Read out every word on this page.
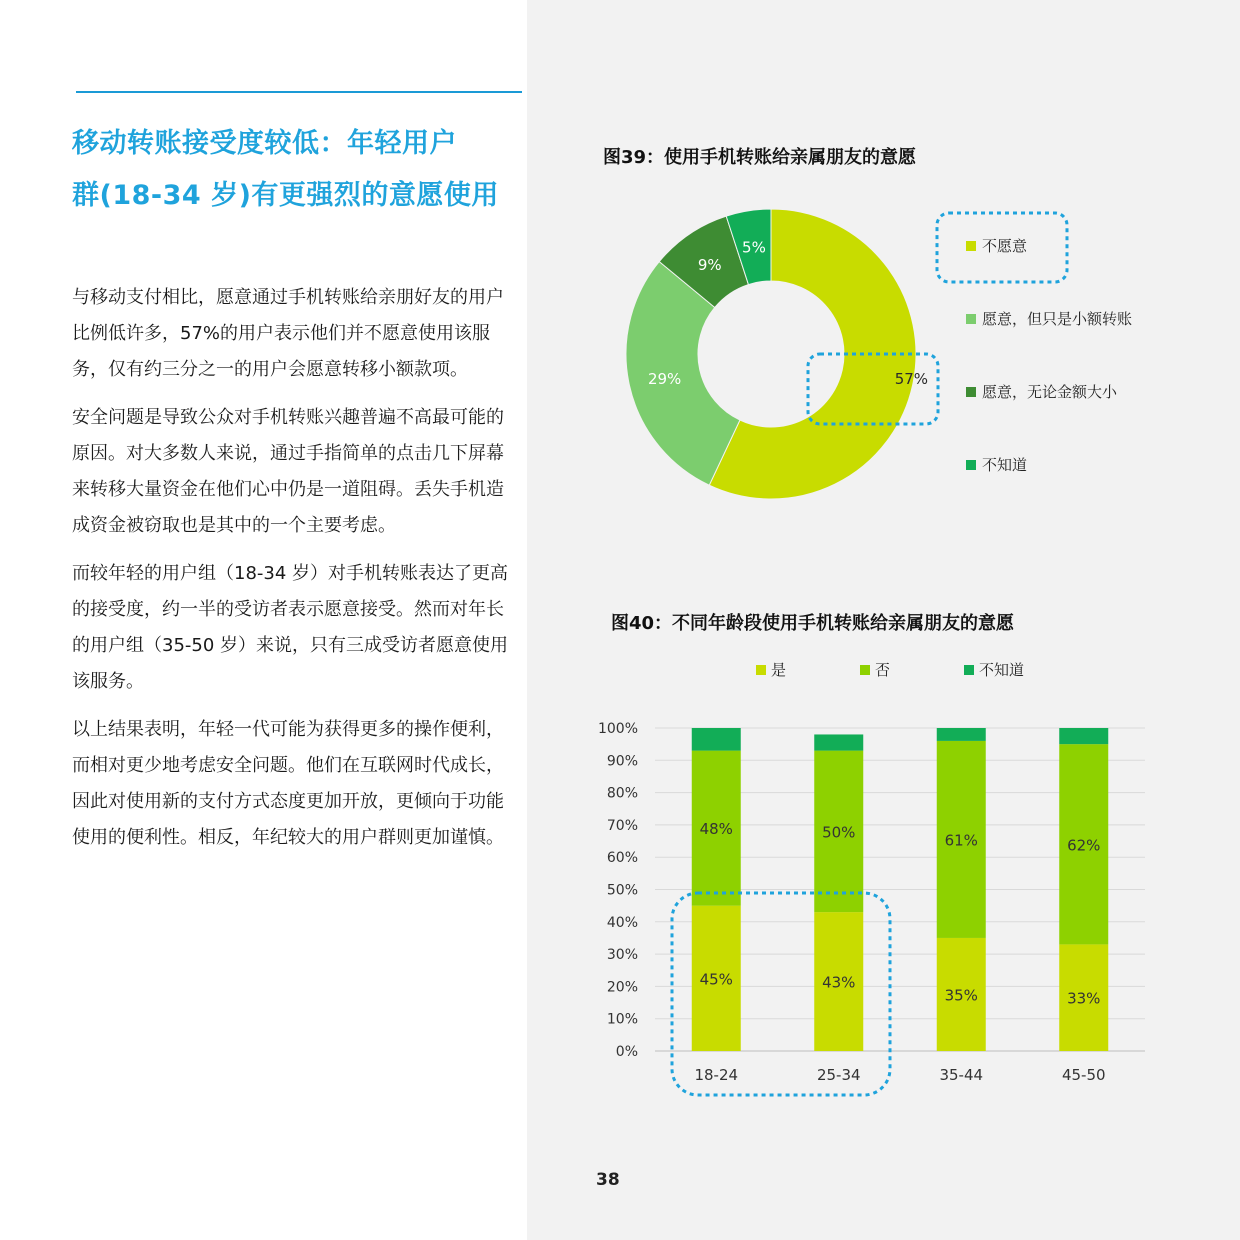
移动转账接受度较低：年轻用户
群(18-34 岁)有更强烈的意愿使用

与移动支付相比，愿意通过手机转账给亲朋好友的用户比例低许多，57%的用户表示他们并不愿意使用该服务，仅有约三分之一的用户会愿意转移小额款项。

安全问题是导致公众对手机转账兴趣普遍不高最可能的原因。对大多数人来说，通过手指简单的点击几下屏幕来转移大量资金在他们心中仍是一道阻碍。丢失手机造成资金被窃取也是其中的一个主要考虑。

而较年轻的用户组（18-34 岁）对手机转账表达了更高的接受度，约一半的受访者表示愿意接受。然而对年长的用户组（35-50 岁）来说，只有三成受访者愿意使用该服务。

以上结果表明，年轻一代可能为获得更多的操作便利，而相对更少地考虑安全问题。他们在互联网时代成长，因此对使用新的支付方式态度更加开放，更倾向于功能使用的便利性。相反，年纪较大的用户群则更加谨慎。

图39：使用手机转账给亲属朋友的意愿
57%
29%
9%
5%	不愿意
愿意，但只是小额转账
愿意，无论金额大小
不知道
图40：不同年龄段使用手机转账给亲属朋友的意愿
0%
10%
20%
30%
40%
50%
60%
70%
80%
90%
100%
是	否	不知道
45%
48%
18-24
43%
50%
25-34
35%
61%
35-44
33%
62%
45-50
38
